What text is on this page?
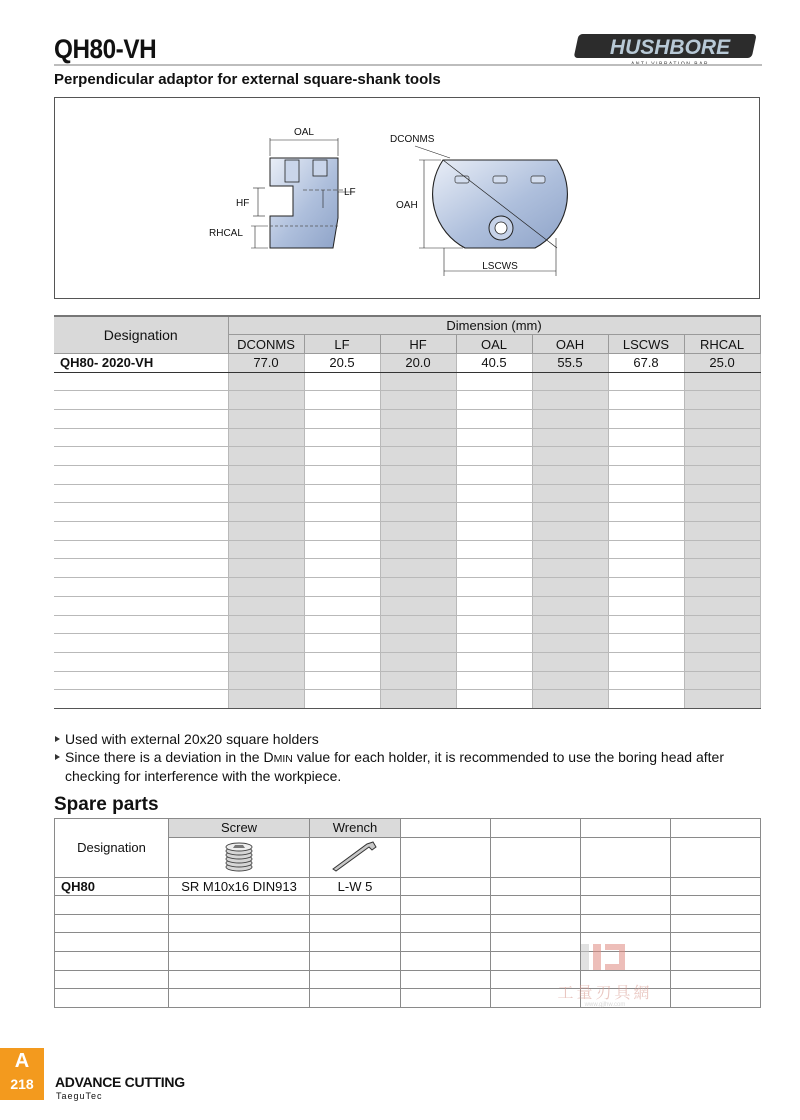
QH80-VH	HUSHBORE
Perpendicular adaptor for external square-shank tools
OAL
LF
HF
RHCAL
DCONMS
OAH
LSCWS
Designation	Dimension (mm)						
	DCONMS	LF	HF	OAL	OAH	LSCWS	RHCAL
QH80- 2020-VH	77.0	20.5	20.0	40.5	55.5	67.8	25.0

Used with external 20x20 square holders
Since there is a deviation in the DMIN value for each holder, it is recommended to use the boring head after checking for interference with the workpiece.
Spare parts
Designation	Screw	Wrench				

QH80	SR M10x16 DIN913	L-W 5				

工量刃具網
www.gjlhw.com
A
218	ADVANCE CUTTING
TaeguTec
